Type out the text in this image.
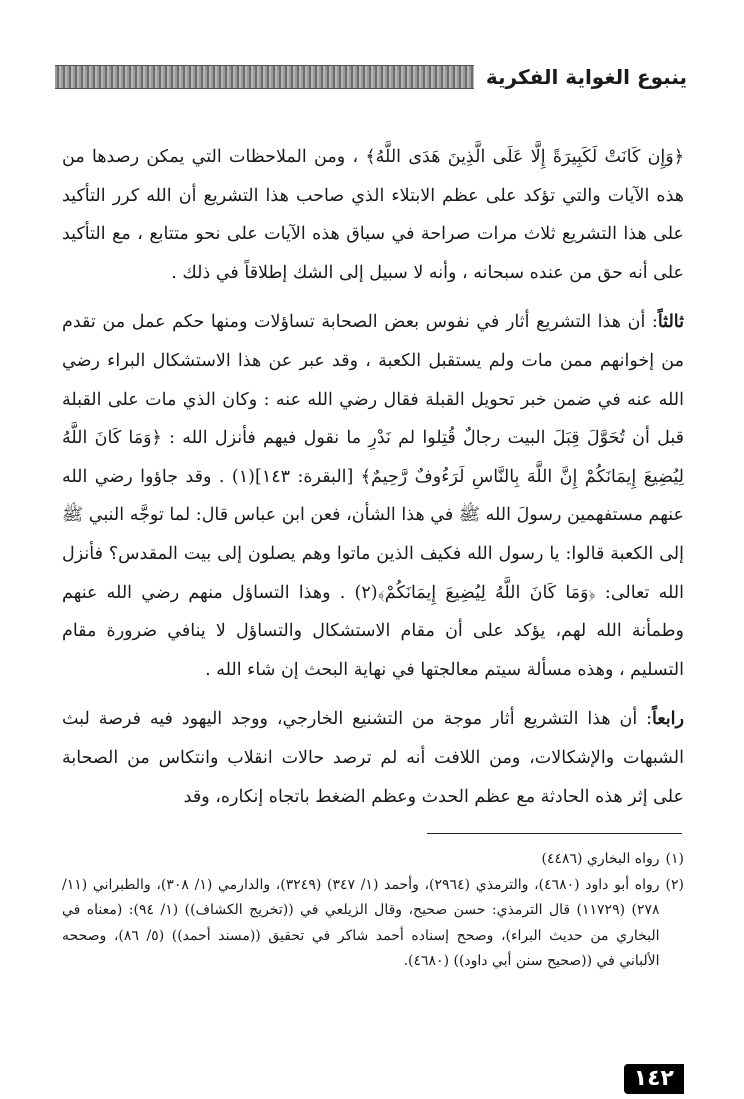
ينبوع الغواية الفكرية

﴿وَإِن كَانَتْ لَكَبِيرَةً إِلَّا عَلَى الَّذِينَ هَدَى اللَّهُ﴾ ، ومن الملاحظات التي يمكن رصدها من هذه الآيات والتي تؤكد على عظم الابتلاء الذي صاحب هذا التشريع أن الله كرر التأكيد على هذا التشريع ثلاث مرات صراحة في سياق هذه الآيات على نحو متتابع ، مع التأكيد على أنه حق من عنده سبحانه ، وأنه لا سبيل إلى الشك إطلاقاً في ذلك .

ثالثاً: أن هذا التشريع أثار في نفوس بعض الصحابة تساؤلات ومنها حكم عمل من تقدم من إخوانهم ممن مات ولم يستقبل الكعبة ، وقد عبر عن هذا الاستشكال البراء رضي الله عنه في ضمن خبر تحويل القبلة فقال رضي الله عنه : وكان الذي مات على القبلة قبل أن تُحَوَّلَ قِبَلَ البيت رجالٌ قُتِلوا لم نَدْرِ ما نقول فيهم فأنزل الله : ﴿وَمَا كَانَ اللَّهُ لِيُضِيعَ إِيمَانَكُمْ إِنَّ اللَّهَ بِالنَّاسِ لَرَءُوفٌ رَّحِيمٌ﴾ [البقرة: ١٤٣](١) . وقد جاؤوا رضي الله عنهم مستفهمين رسولَ الله ﷺ في هذا الشأن، فعن ابن عباس قال: لما توجَّه النبي ﷺ إلى الكعبة قالوا: يا رسول الله فكيف الذين ماتوا وهم يصلون إلى بيت المقدس؟ فأنزل الله تعالى: ﴿وَمَا كَانَ اللَّهُ لِيُضِيعَ إِيمَانَكُمْ﴾(٢) . وهذا التساؤل منهم رضي الله عنهم وطمأنة الله لهم، يؤكد على أن مقام الاستشكال والتساؤل لا ينافي ضرورة مقام التسليم ، وهذه مسألة سيتم معالجتها في نهاية البحث إن شاء الله .

رابعاً: أن هذا التشريع أثار موجة من التشنيع الخارجي، ووجد اليهود فيه فرصة لبث الشبهات والإشكالات، ومن اللافت أنه لم ترصد حالات انقلاب وانتكاس من الصحابة على إثر هذه الحادثة مع عظم الحدث وعظم الضغط باتجاه إنكاره، وقد

(١)
رواه البخاري (٤٤٨٦)
(٢)
رواه أبو داود (٤٦٨٠)، والترمذي (٢٩٦٤)، وأحمد (١/ ٣٤٧) (٣٢٤٩)، والدارمي (١/ ٣٠٨)، والطبراني (١١/ ٢٧٨) (١١٧٢٩) قال الترمذي: حسن صحيح، وقال الزيلعي في ((تخريج الكشاف)) (١/ ٩٤): (معناه في البخاري من حديث البراء)، وصحح إسناده أحمد شاكر في تحقيق ((مسند أحمد)) (٥/ ٨٦)، وصححه الألباني في ((صحيح سنن أبي داود)) (٤٦٨٠).
١٤٢
